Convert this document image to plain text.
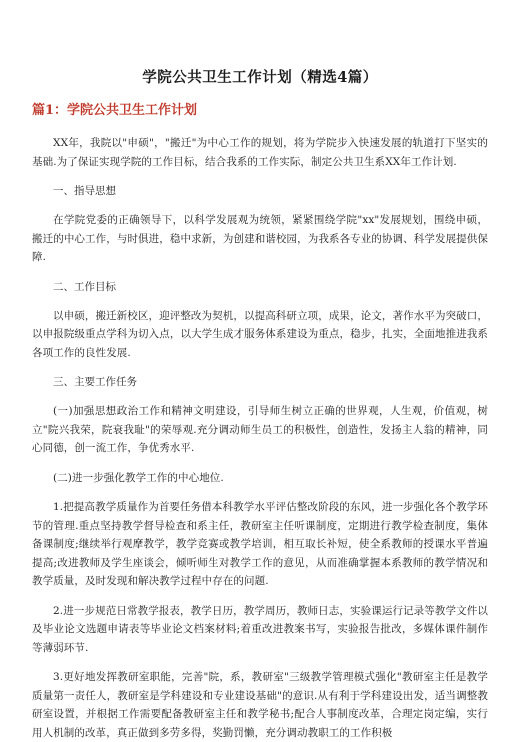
学院公共卫生工作计划（精选4篇）
篇1：学院公共卫生工作计划

XX年，我院以"申硕"，"搬迁"为中心工作的规划，将为学院步入快速发展的轨道打下坚实的基础.为了保证实现学院的工作目标，结合我系的工作实际，制定公共卫生系XX年工作计划.

一、指导思想

在学院党委的正确领导下，以科学发展观为统领，紧紧围绕学院"xx"发展规划，围绕申硕，搬迁的中心工作，与时俱进，稳中求新，为创建和谐校园，为我系各专业的协调、科学发展提供保障.

二、工作目标

以申硕，搬迁新校区，迎评整改为契机，以提高科研立项，成果，论文，著作水平为突破口，以申报院级重点学科为切入点，以大学生成才服务体系建设为重点，稳步，扎实，全面地推进我系各项工作的良性发展.

三、主要工作任务

(一)加强思想政治工作和精神文明建设，引导师生树立正确的世界观，人生观，价值观，树立"院兴我荣，院衰我耻"的荣辱观.充分调动师生员工的积极性，创造性，发扬主人翁的精神，同心同德，创一流工作，争优秀水平.

(二)进一步强化教学工作的中心地位.

1.把提高教学质量作为首要任务借本科教学水平评估整改阶段的东风，进一步强化各个教学环节的管理.重点坚持教学督导检查和系主任，教研室主任听课制度，定期进行教学检查制度，集体备课制度;继续举行观摩教学，教学竞赛或教学培训，相互取长补短，使全系教师的授课水平普遍提高;改进教师及学生座谈会，倾听师生对教学工作的意见，从而准确掌握本系教师的教学情况和教学质量，及时发现和解决教学过程中存在的问题.

2.进一步规范日常教学报表，教学日历，教学周历，教师日志，实验课运行记录等教学文件以及毕业论文选题申请表等毕业论文档案材料;着重改进教案书写，实验报告批改，多媒体课件制作等薄弱环节.

3.更好地发挥教研室职能，完善"院，系，教研室"三级教学管理模式强化"教研室主任是教学质量第一责任人，教研室是学科建设和专业建设基础"的意识.从有利于学科建设出发，适当调整教研室设置，并根据工作需要配备教研室主任和教学秘书;配合人事制度改革，合理定岗定编，实行用人机制的改革，真正做到多劳多得，奖勤罚懒，充分调动教职工的工作积极
